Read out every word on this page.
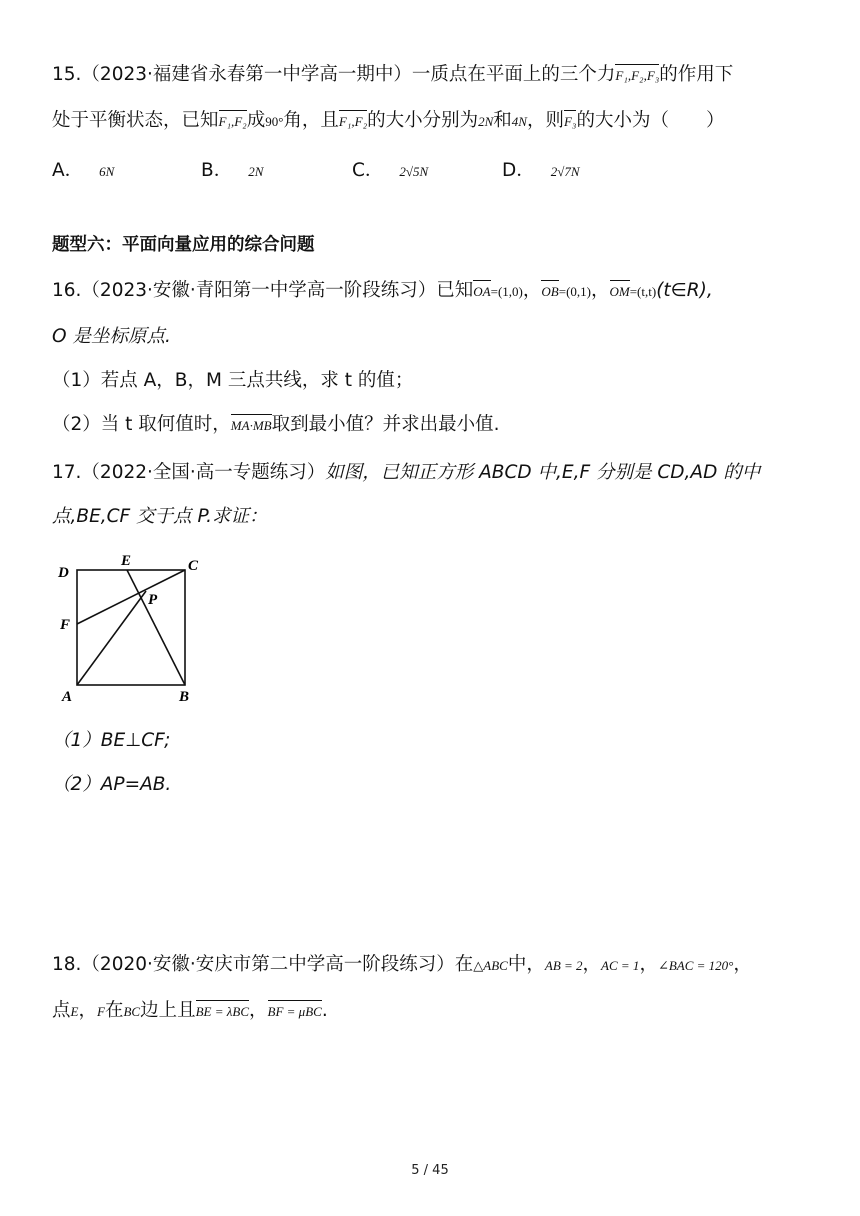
15.（2023·福建省永春第一中学高一期中）一质点在平面上的三个力F₁,F₂,F₃的作用下
处于平衡状态，已知F₁,F₂成90°角，且F₁,F₂的大小分别为2N和4N，则F₃的大小为（　　）
A． 6N	B． 2N	C． 2√5N	D． 2√7N
题型六：平面向量应用的综合问题
16.（2023·安徽·青阳第一中学高一阶段练习）已知OA=(1,0)，OB=(0,1)，OM=(t,t)(t∈R),
O 是坐标原点.
（1）若点 A，B，M 三点共线，求 t 的值；
（2）当 t 取何值时，MA·MB取到最小值？并求出最小值.
17.（2022·全国·高一专题练习）如图，已知正方形 ABCD 中,E,F 分别是 CD,AD 的中
点,BE,CF 交于点 P.求证：
D
E	C
P
F
A	B
（1）BE⊥CF;
（2）AP=AB.
18.（2020·安徽·安庆市第二中学高一阶段练习）在△ABC中，AB = 2，AC = 1，∠BAC = 120°，
点E，F在BC边上且BE = λBC，BF = μBC.
5 / 45
